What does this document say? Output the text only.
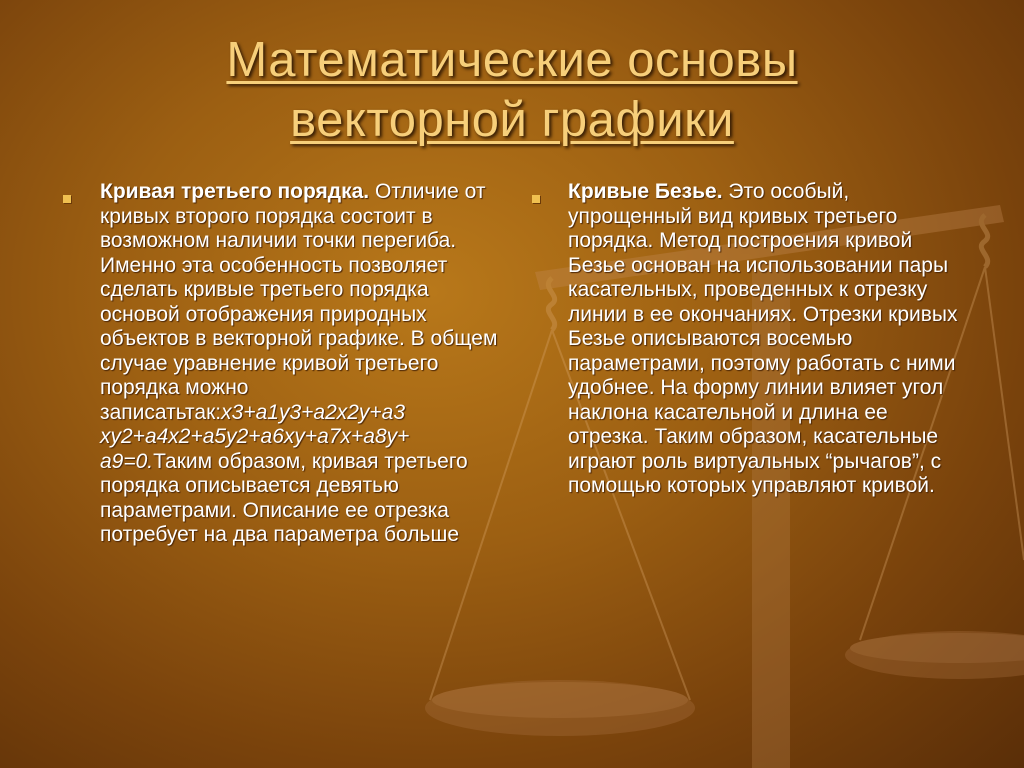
Математические основы
векторной графики

Кривая третьего порядка. Отличие от кривых второго порядка состоит в возможном наличии точки перегиба. Именно эта особенность позволяет сделать кривые третьего порядка основой отображения природных объектов в векторной графике. В общем случае уравнение кривой третьего порядка можно записатьтак:x3+a1y3+a2x2y+a3 xy2+a4x2+a5y2+a6xy+a7x+a8y+ a9=0.Таким образом, кривая третьего порядка описывается девятью параметрами. Описание ее отрезка потребует на два параметра больше

Кривые Безье. Это особый, упрощенный вид кривых третьего порядка. Метод построения кривой Безье основан на использовании пары касательных, проведенных к отрезку линии в ее окончаниях. Отрезки кривых Безье описываются восемью параметрами, поэтому работать с ними удобнее. На форму линии влияет угол наклона касательной и длина ее отрезка. Таким образом, касательные играют роль виртуальных “рычагов”, с помощью которых управляют кривой.
